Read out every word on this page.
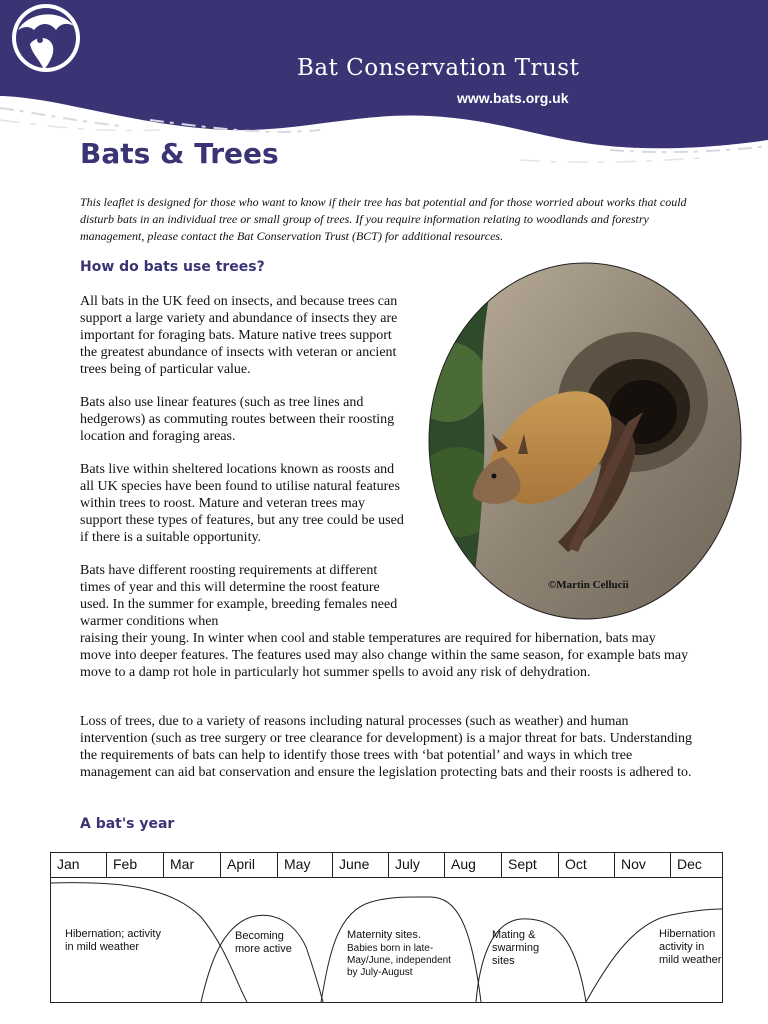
Bat Conservation Trust
www.bats.org.uk
Bats & Trees

This leaflet is designed for those who want to know if their tree has bat potential and for those worried about works that could disturb bats in an individual tree or small group of trees. If you require information relating to woodlands and forestry management, please contact the Bat Conservation Trust (BCT) for additional resources.

How do bats use trees?

All bats in the UK feed on insects, and because trees can support a large variety and abundance of insects they are important for foraging bats. Mature native trees support the greatest abundance of insects with veteran or ancient trees being of particular value.

Bats also use linear features (such as tree lines and hedgerows) as commuting routes between their roosting location and foraging areas.

Bats live within sheltered locations known as roosts and all UK species have been found to utilise natural features within trees to roost. Mature and veteran trees may support these types of features, but any tree could be used if there is a suitable opportunity.

Bats have different roosting requirements at different times of year and this will determine the roost feature used. In the summer for example, breeding females need warmer conditions when

raising their young. In winter when cool and stable temperatures are required for hibernation, bats may move into deeper features. The features used may also change within the same season, for example bats may move to a damp rot hole in particularly hot summer spells to avoid any risk of dehydration.

Loss of trees, due to a variety of reasons including natural processes (such as weather) and human intervention (such as tree surgery or tree clearance for development) is a major threat for bats. Understanding the requirements of bats can help to identify those trees with ‘bat potential’ and ways in which tree management can aid bat conservation and ensure the legislation protecting bats and their roosts is adhered to.

©Martin Cellucii
A bat's year
Jan	Feb	Mar	April	May	June	July	Aug	Sept	Oct	Nov	Dec
Hibernation; activity in mild weather
Becoming more active
Maternity sites.
Babies born in late-May/June, independent by July-August
Mating & swarming sites
Hibernation activity in mild weather
